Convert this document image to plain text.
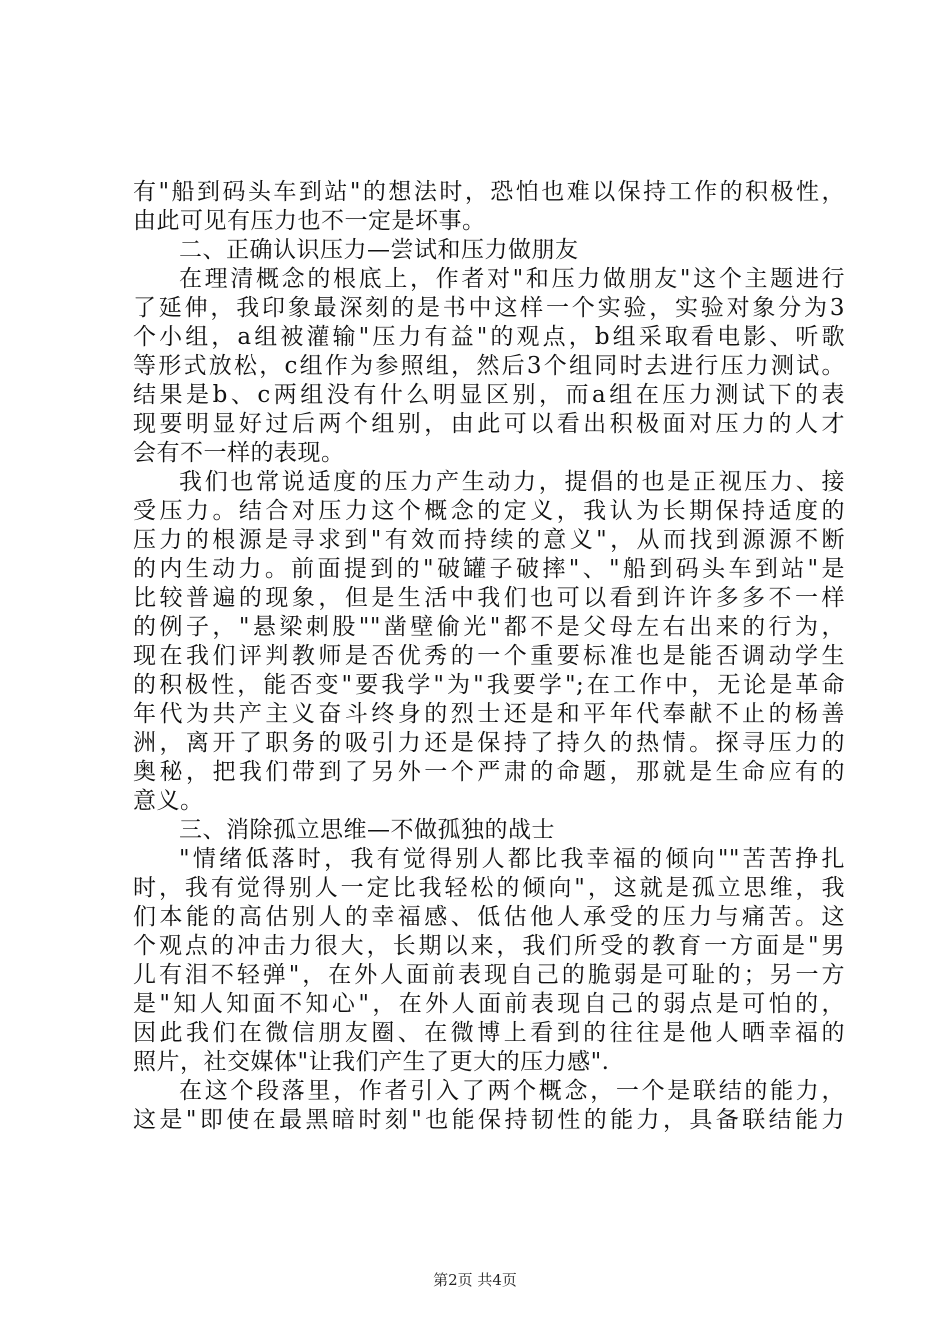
有"船到码头车到站"的想法时，恐怕也难以保持工作的积极性，
由此可见有压力也不一定是坏事。
二、正确认识压力—尝试和压力做朋友
在理清概念的根底上，作者对"和压力做朋友"这个主题进行
了延伸，我印象最深刻的是书中这样一个实验，实验对象分为3
个小组，a组被灌输"压力有益"的观点，b组采取看电影、听歌
等形式放松，c组作为参照组，然后3个组同时去进行压力测试。
结果是b、c两组没有什么明显区别，而a组在压力测试下的表
现要明显好过后两个组别，由此可以看出积极面对压力的人才
会有不一样的表现。
我们也常说适度的压力产生动力，提倡的也是正视压力、接
受压力。结合对压力这个概念的定义，我认为长期保持适度的
压力的根源是寻求到"有效而持续的意义"，从而找到源源不断
的内生动力。前面提到的"破罐子破摔"、"船到码头车到站"是
比较普遍的现象，但是生活中我们也可以看到许许多多不一样
的例子，"悬梁刺股""凿壁偷光"都不是父母左右出来的行为，
现在我们评判教师是否优秀的一个重要标准也是能否调动学生
的积极性，能否变"要我学"为"我要学";在工作中，无论是革命
年代为共产主义奋斗终身的烈士还是和平年代奉献不止的杨善
洲，离开了职务的吸引力还是保持了持久的热情。探寻压力的
奥秘，把我们带到了另外一个严肃的命题，那就是生命应有的
意义。
三、消除孤立思维—不做孤独的战士
"情绪低落时，我有觉得别人都比我幸福的倾向""苦苦挣扎
时，我有觉得别人一定比我轻松的倾向"，这就是孤立思维，我
们本能的高估别人的幸福感、低估他人承受的压力与痛苦。这
个观点的冲击力很大，长期以来，我们所受的教育一方面是"男
儿有泪不轻弹"，在外人面前表现自己的脆弱是可耻的；另一方
是"知人知面不知心"，在外人面前表现自己的弱点是可怕的，
因此我们在微信朋友圈、在微博上看到的往往是他人晒幸福的
照片，社交媒体"让我们产生了更大的压力感".
在这个段落里，作者引入了两个概念，一个是联结的能力，
这是"即使在最黑暗时刻"也能保持韧性的能力，具备联结能力
第2页 共4页
